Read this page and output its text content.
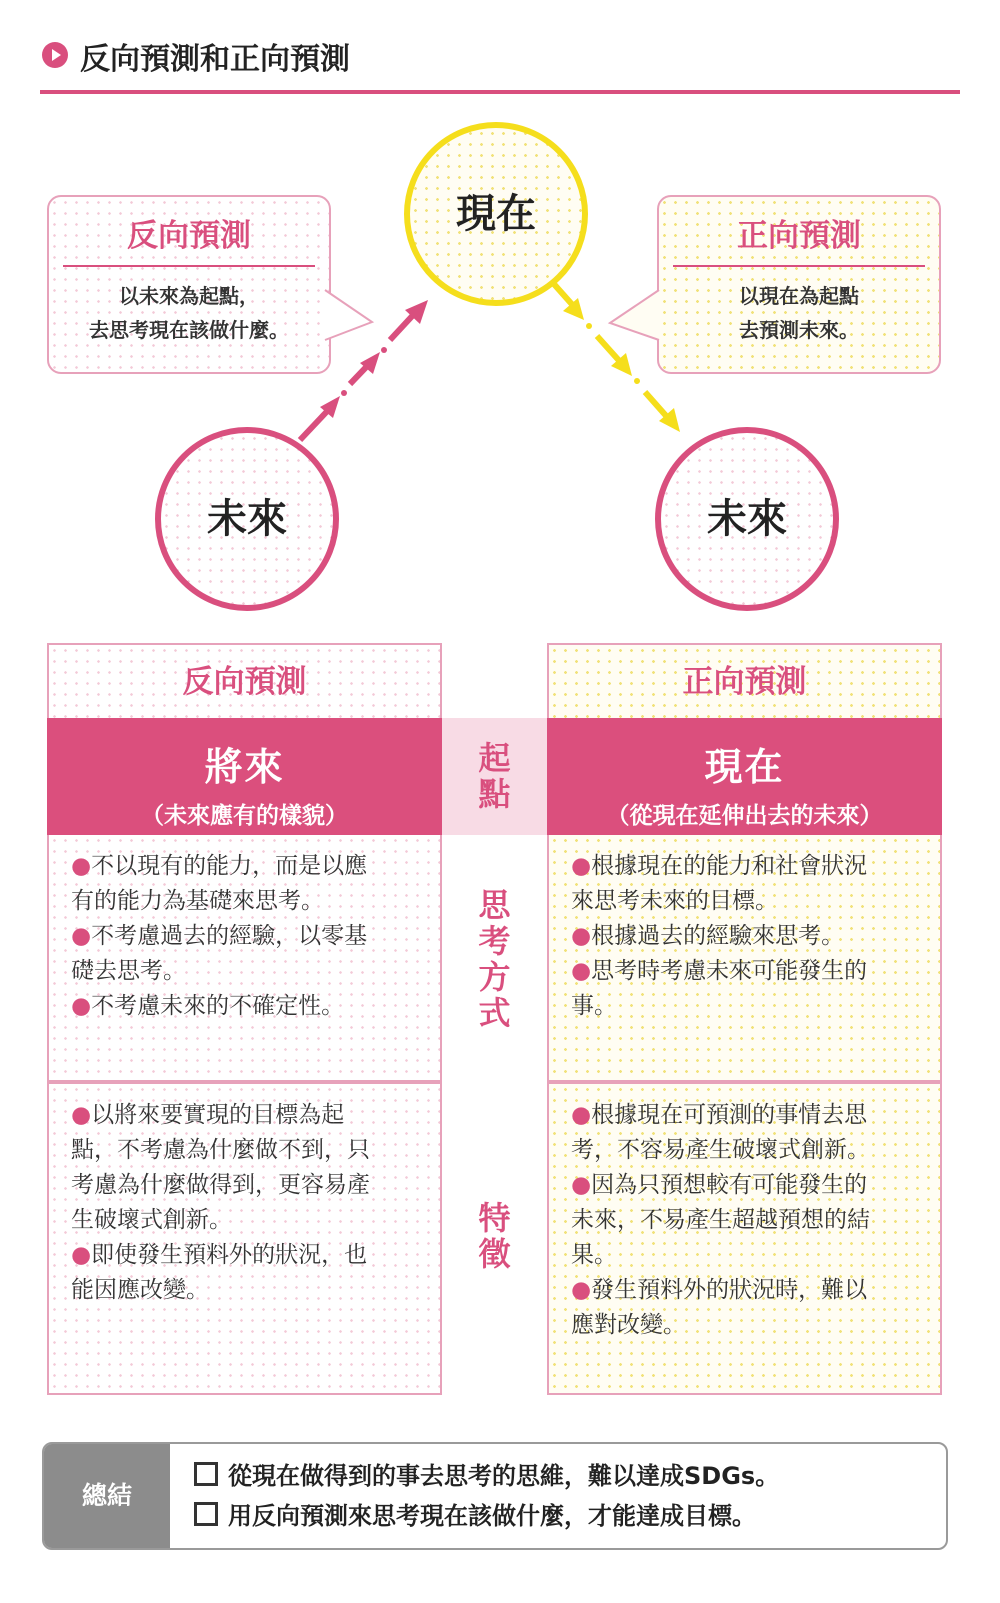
反向預測和正向預測
反向預測
以未來為起點，
去思考現在該做什麼。
正向預測
以現在為起點
去預測未來。
現在
未來	未來
反向預測	正向預測
將來
（未來應有的樣貌）
起
點
現在
（從現在延伸出去的未來）

●不以現有的能力，而是以應

有的能力為基礎來思考。

●不考慮過去的經驗，以零基

礎去思考。

●不考慮未來的不確定性。

思
考
方
式

●根據現在的能力和社會狀況

來思考未來的目標。

●根據過去的經驗來思考。

●思考時考慮未來可能發生的

事。

●以將來要實現的目標為起

點，不考慮為什麼做不到，只

考慮為什麼做得到，更容易產

生破壞式創新。

●即使發生預料外的狀況，也

能因應改變。

特
徵

●根據現在可預測的事情去思

考，不容易產生破壞式創新。

●因為只預想較有可能發生的

未來，不易產生超越預想的結

果。

●發生預料外的狀況時，難以

應對改變。

總結
從現在做得到的事去思考的思維，難以達成SDGs。
用反向預測來思考現在該做什麼，才能達成目標。
